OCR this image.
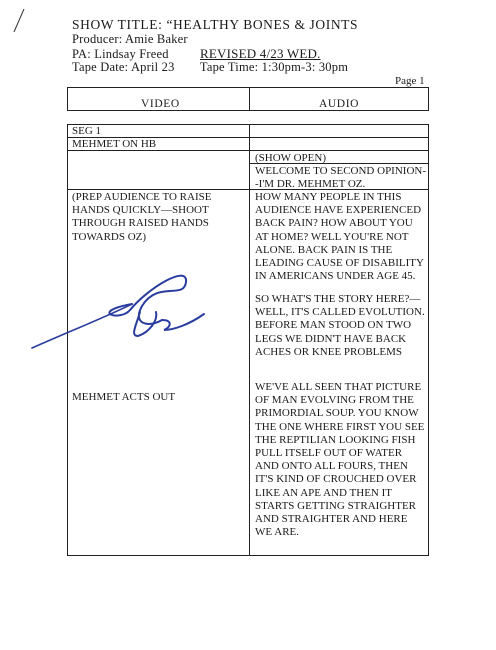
SHOW TITLE: “HEALTHY BONES & JOINTS
Producer: Amie Baker
PA: Lindsay Freed REVISED 4/23 WED.
Tape Date: April 23 Tape Time: 1:30pm-3: 30pm
Page 1
VIDEO	AUDIO
SEG 1
MEHMET ON HB
(SHOW OPEN)
WELCOME TO SECOND OPINION--I'M DR. MEHMET OZ.
(PREP AUDIENCE TO RAISE HANDS QUICKLY—SHOOT THROUGH RAISED HANDS TOWARDS OZ)
HOW MANY PEOPLE IN THIS AUDIENCE HAVE EXPERIENCED BACK PAIN? HOW ABOUT YOU AT HOME? WELL YOU'RE NOT ALONE. BACK PAIN IS THE LEADING CAUSE OF DISABILITY IN AMERICANS UNDER AGE 45.
SO WHAT'S THE STORY HERE?—WELL, IT'S CALLED EVOLUTION. BEFORE MAN STOOD ON TWO LEGS WE DIDN'T HAVE BACK ACHES OR KNEE PROBLEMS
MEHMET ACTS OUT
WE'VE ALL SEEN THAT PICTURE OF MAN EVOLVING FROM THE PRIMORDIAL SOUP. YOU KNOW THE ONE WHERE FIRST YOU SEE THE REPTILIAN LOOKING FISH PULL ITSELF OUT OF WATER AND ONTO ALL FOURS, THEN IT'S KIND OF CROUCHED OVER LIKE AN APE AND THEN IT STARTS GETTING STRAIGHTER AND STRAIGHTER AND HERE WE ARE.
